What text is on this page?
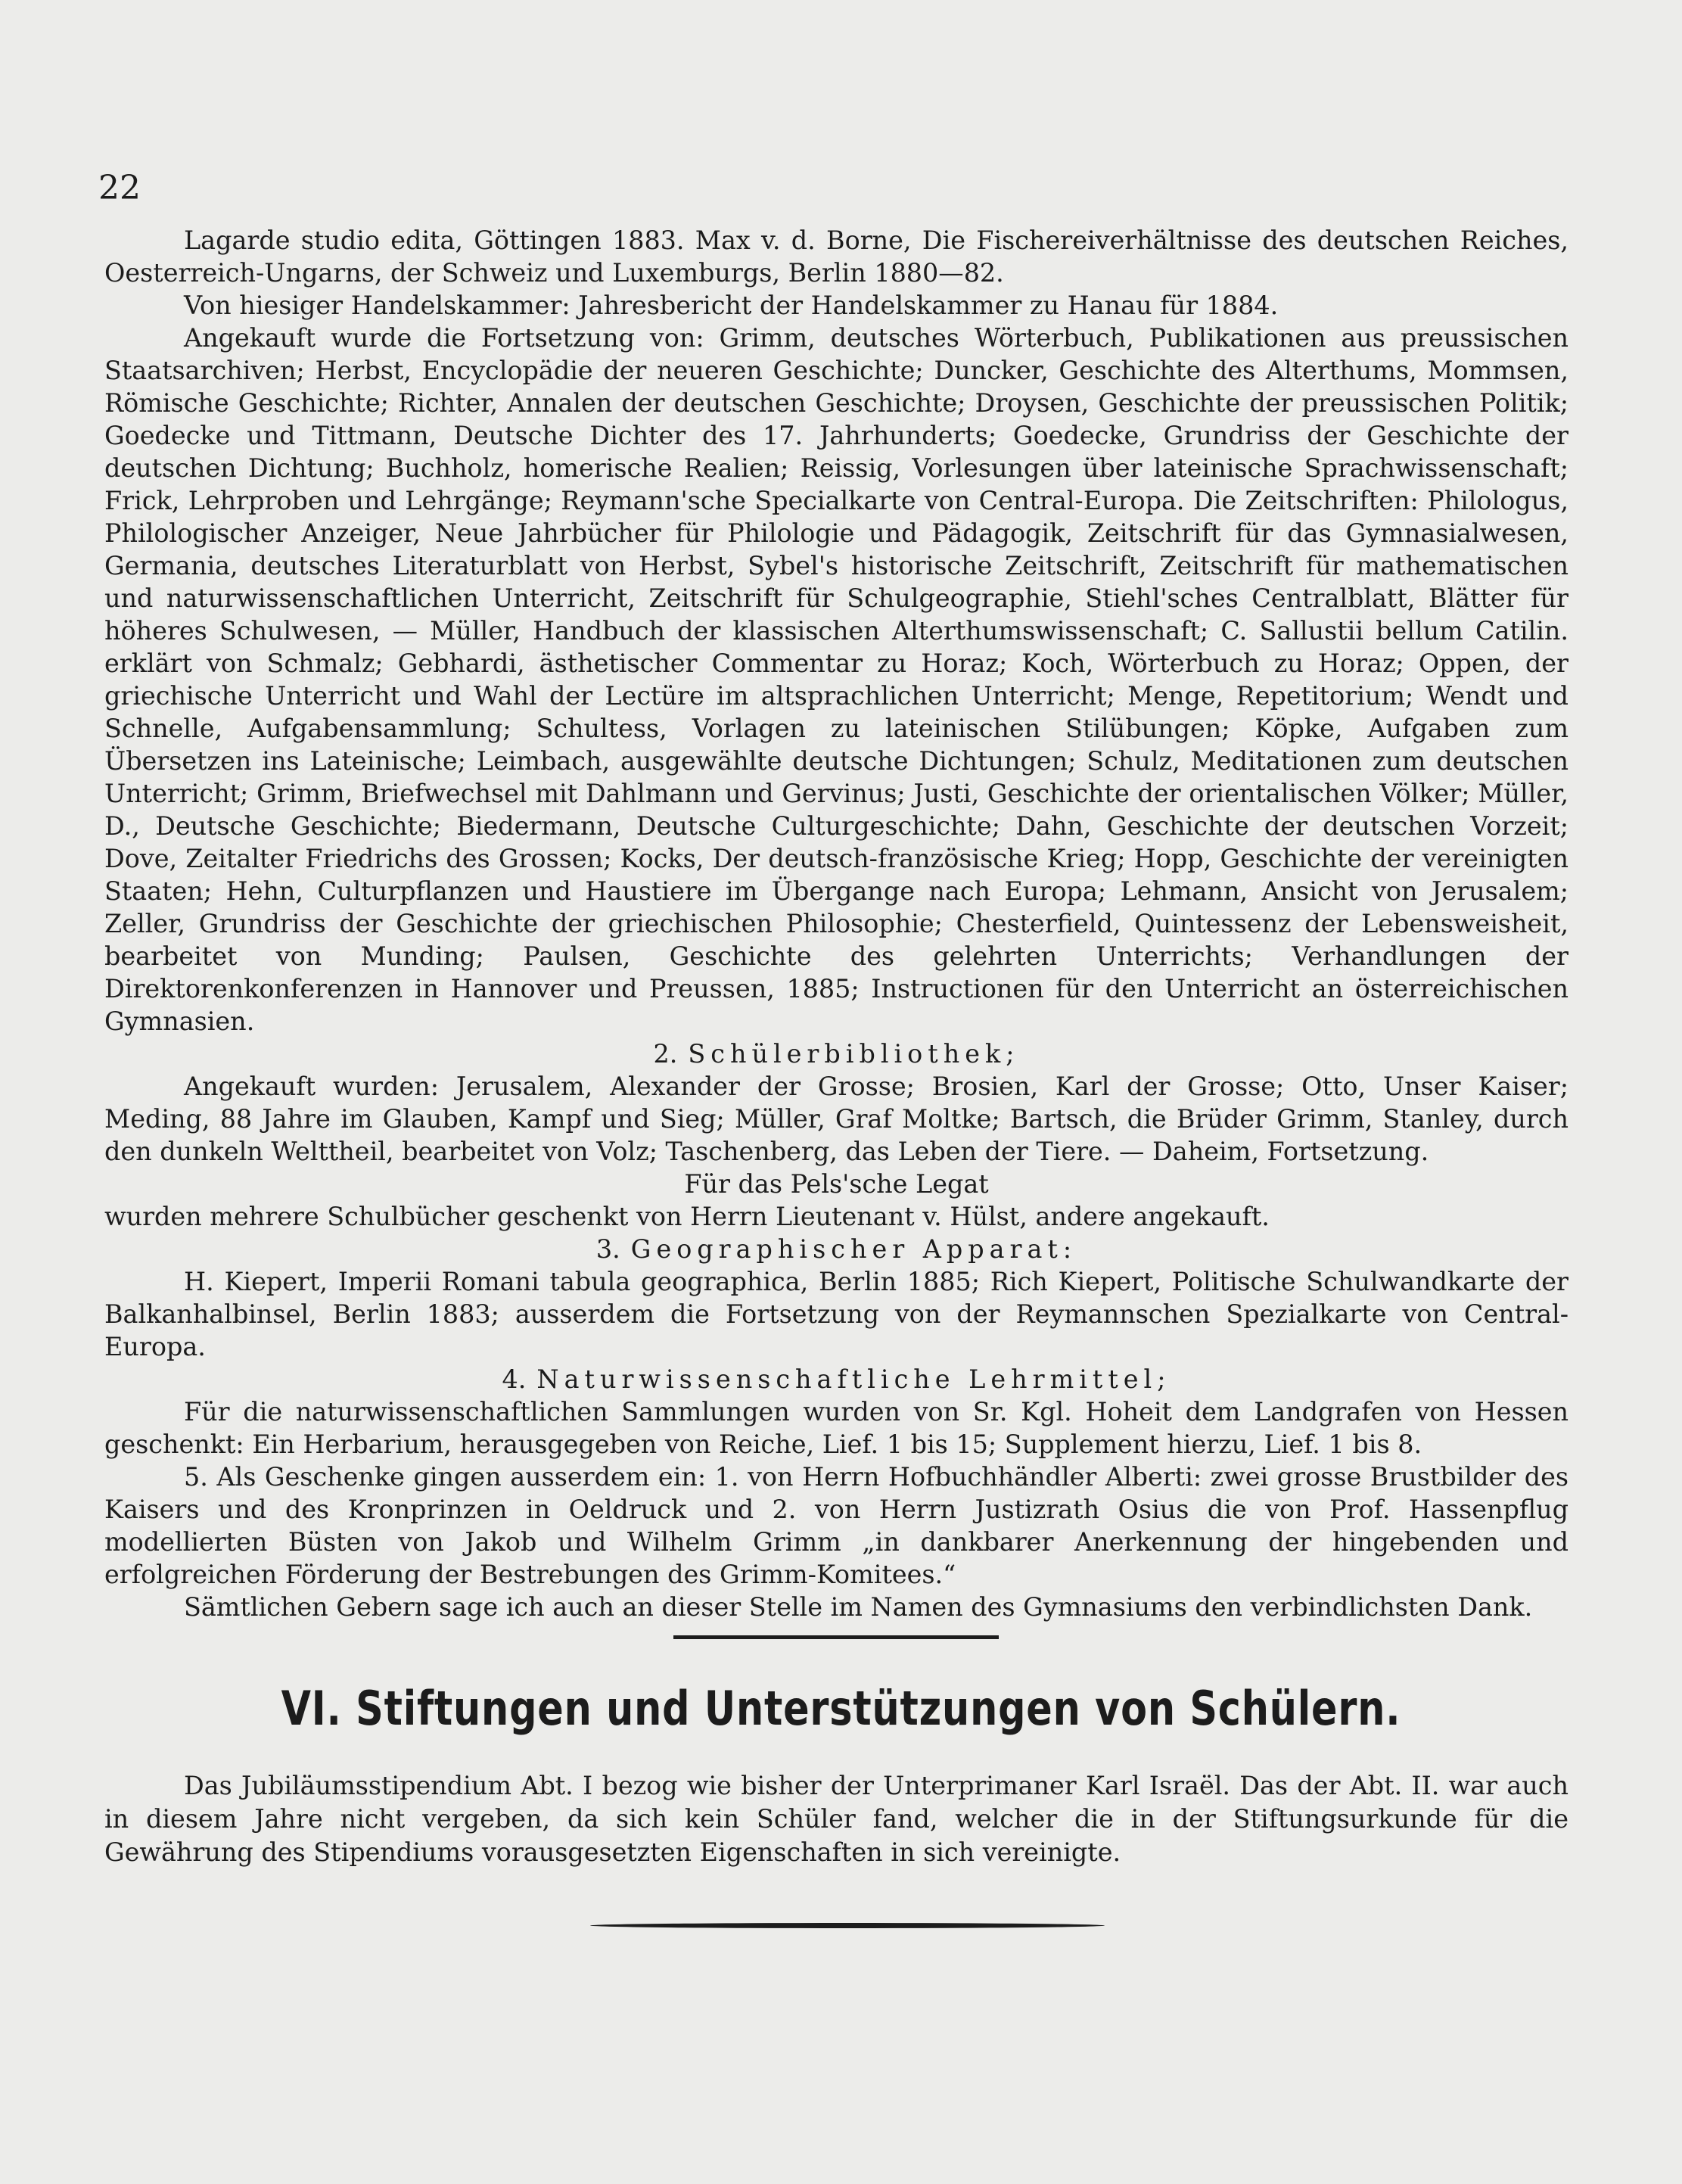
22

Lagarde studio edita, Göttingen 1883. Max v. d. Borne, Die Fischereiverhältnisse des deutschen Reiches, Oesterreich-Ungarns, der Schweiz und Luxemburgs, Berlin 1880—82.

Von hiesiger Handelskammer: Jahresbericht der Handelskammer zu Hanau für 1884.

Angekauft wurde die Fortsetzung von: Grimm, deutsches Wörterbuch, Publikationen aus preussischen Staatsarchiven; Herbst, Encyclopädie der neueren Geschichte; Duncker, Geschichte des Alterthums, Mommsen, Römische Geschichte; Richter, Annalen der deutschen Geschichte; Droysen, Geschichte der preussischen Politik; Goedecke und Tittmann, Deutsche Dichter des 17. Jahrhunderts; Goedecke, Grundriss der Geschichte der deutschen Dichtung; Buchholz, homerische Realien; Reissig, Vorlesungen über lateinische Sprachwissenschaft; Frick, Lehrproben und Lehrgänge; Reymann'sche Specialkarte von Central-Europa. Die Zeitschriften: Philologus, Philologischer Anzeiger, Neue Jahrbücher für Philologie und Pädagogik, Zeitschrift für das Gymnasialwesen, Germania, deutsches Literaturblatt von Herbst, Sybel's historische Zeitschrift, Zeitschrift für mathematischen und naturwissenschaftlichen Unterricht, Zeitschrift für Schulgeographie, Stiehl'sches Centralblatt, Blätter für höheres Schulwesen, — Müller, Handbuch der klassischen Alterthumswissenschaft; C. Sallustii bellum Catilin. erklärt von Schmalz; Gebhardi, ästhetischer Commentar zu Horaz; Koch, Wörterbuch zu Horaz; Oppen, der griechische Unterricht und Wahl der Lectüre im altsprachlichen Unterricht; Menge, Repetitorium; Wendt und Schnelle, Aufgabensammlung; Schultess, Vorlagen zu lateinischen Stilübungen; Köpke, Aufgaben zum Übersetzen ins Lateinische; Leimbach, ausgewählte deutsche Dichtungen; Schulz, Meditationen zum deutschen Unterricht; Grimm, Briefwechsel mit Dahlmann und Gervinus; Justi, Geschichte der orientalischen Völker; Müller, D., Deutsche Geschichte; Biedermann, Deutsche Culturgeschichte; Dahn, Geschichte der deutschen Vorzeit; Dove, Zeitalter Friedrichs des Grossen; Kocks, Der deutsch-französische Krieg; Hopp, Geschichte der vereinigten Staaten; Hehn, Culturpflanzen und Haustiere im Übergange nach Europa; Lehmann, Ansicht von Jerusalem; Zeller, Grundriss der Geschichte der griechischen Philosophie; Chesterfield, Quintessenz der Lebensweisheit, bearbeitet von Munding; Paulsen, Geschichte des gelehrten Unterrichts; Verhandlungen der Direktorenkonferenzen in Hannover und Preussen, 1885; Instructionen für den Unterricht an österreichischen Gymnasien.

2. Schülerbibliothek;

Angekauft wurden: Jerusalem, Alexander der Grosse; Brosien, Karl der Grosse; Otto, Unser Kaiser; Meding, 88 Jahre im Glauben, Kampf und Sieg; Müller, Graf Moltke; Bartsch, die Brüder Grimm, Stanley, durch den dunkeln Welttheil, bearbeitet von Volz; Taschenberg, das Leben der Tiere. — Daheim, Fortsetzung.

Für das Pels'sche Legat

wurden mehrere Schulbücher geschenkt von Herrn Lieutenant v. Hülst, andere angekauft.

3. Geographischer Apparat:

H. Kiepert, Imperii Romani tabula geographica, Berlin 1885; Rich Kiepert, Politische Schulwandkarte der Balkanhalbinsel, Berlin 1883; ausserdem die Fortsetzung von der Reymannschen Spezialkarte von Central-Europa.

4. Naturwissenschaftliche Lehrmittel;

Für die naturwissenschaftlichen Sammlungen wurden von Sr. Kgl. Hoheit dem Landgrafen von Hessen geschenkt: Ein Herbarium, herausgegeben von Reiche, Lief. 1 bis 15; Supplement hierzu, Lief. 1 bis 8.

5. Als Geschenke gingen ausserdem ein: 1. von Herrn Hofbuchhändler Alberti: zwei grosse Brustbilder des Kaisers und des Kronprinzen in Oeldruck und 2. von Herrn Justizrath Osius die von Prof. Hassenpflug modellierten Büsten von Jakob und Wilhelm Grimm „in dankbarer Anerkennung der hingebenden und erfolgreichen Förderung der Bestrebungen des Grimm-Komitees.“

Sämtlichen Gebern sage ich auch an dieser Stelle im Namen des Gymnasiums den verbindlichsten Dank.

VI. Stiftungen und Unterstützungen von Schülern.

Das Jubiläumsstipendium Abt. I bezog wie bisher der Unterprimaner Karl Israël. Das der Abt. II. war auch in diesem Jahre nicht vergeben, da sich kein Schüler fand, welcher die in der Stiftungsurkunde für die Gewährung des Stipendiums vorausgesetzten Eigenschaften in sich vereinigte.
